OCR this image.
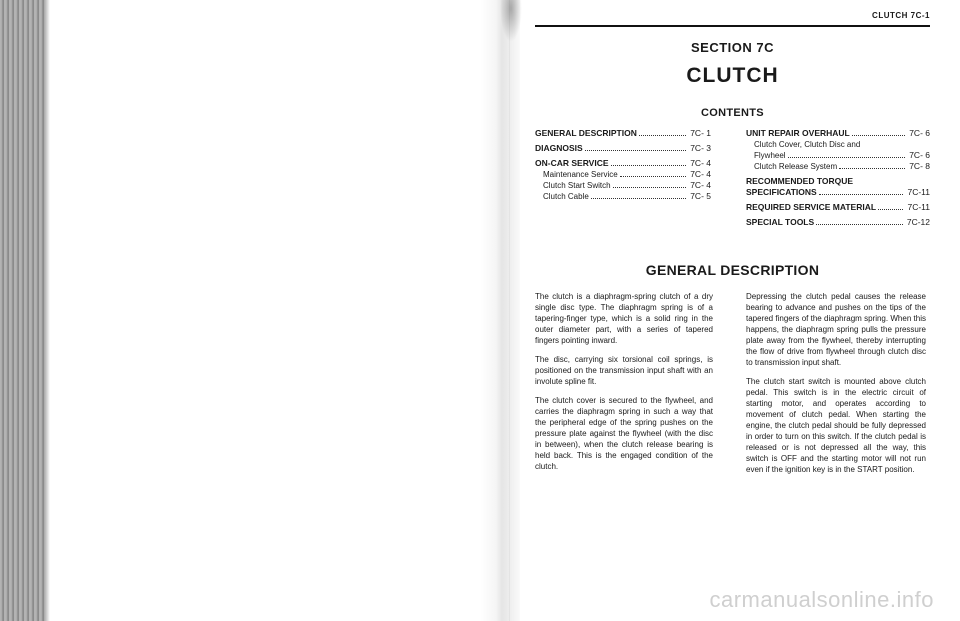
CLUTCH 7C-1
SECTION 7C
CLUTCH
CONTENTS
GENERAL DESCRIPTION	7C- 1
DIAGNOSIS	7C- 3
ON-CAR SERVICE	7C- 4
Maintenance Service	7C- 4
Clutch Start Switch	7C- 4
Clutch Cable	7C- 5
UNIT REPAIR OVERHAUL	7C- 6
Clutch Cover, Clutch Disc and
Flywheel	7C- 6
Clutch Release System	7C- 8
RECOMMENDED TORQUE
SPECIFICATIONS	7C-11
REQUIRED SERVICE MATERIAL	7C-11
SPECIAL TOOLS	7C-12
GENERAL DESCRIPTION

The clutch is a diaphragm-spring clutch of a dry single disc type. The diaphragm spring is of a tapering-finger type, which is a solid ring in the outer diameter part, with a series of tapered fingers pointing inward.

The disc, carrying six torsional coil springs, is positioned on the transmission input shaft with an involute spline fit.

The clutch cover is secured to the flywheel, and carries the diaphragm spring in such a way that the peripheral edge of the spring pushes on the pressure plate against the flywheel (with the disc in between), when the clutch release bearing is held back. This is the engaged condition of the clutch.

Depressing the clutch pedal causes the release bearing to advance and pushes on the tips of the tapered fingers of the diaphragm spring. When this happens, the diaphragm spring pulls the pressure plate away from the flywheel, thereby interrupting the flow of drive from flywheel through clutch disc to transmission input shaft.

The clutch start switch is mounted above clutch pedal. This switch is in the electric circuit of starting motor, and operates according to movement of clutch pedal. When starting the engine, the clutch pedal should be fully depressed in order to turn on this switch. If the clutch pedal is released or is not depressed all the way, this switch is OFF and the starting motor will not run even if the ignition key is in the START position.

carmanualsonline.info
